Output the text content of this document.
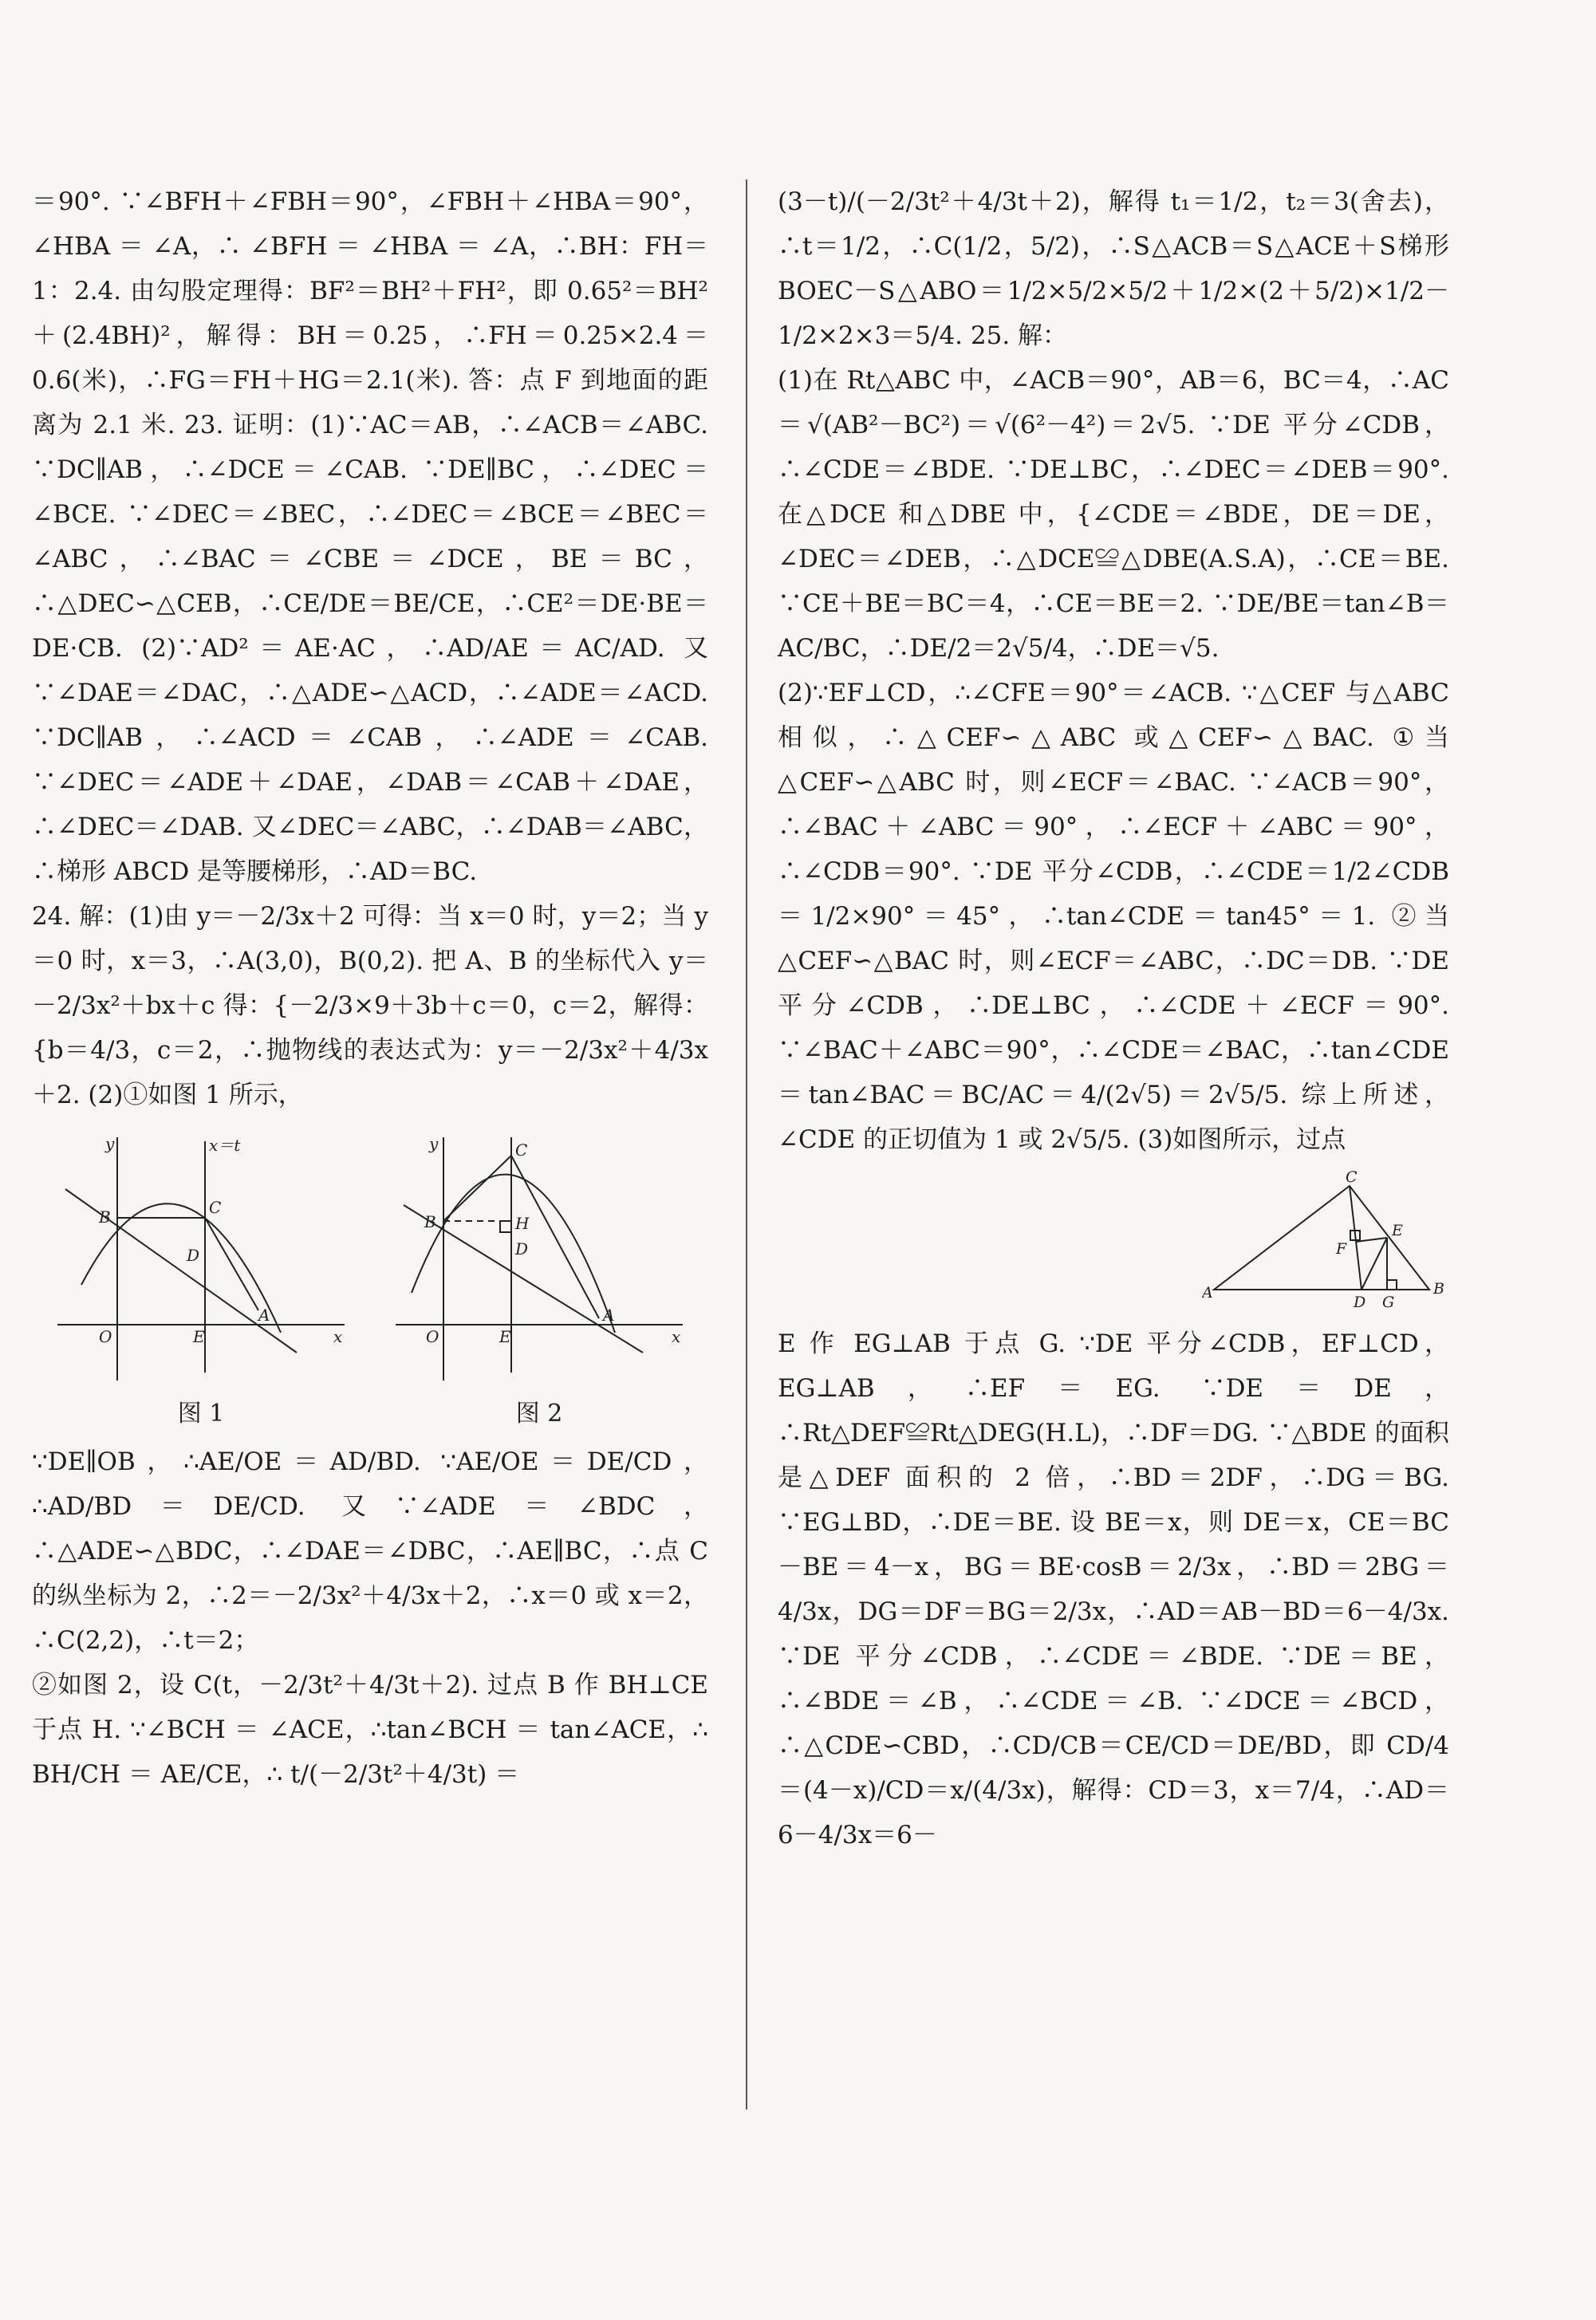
＝90°. ∵∠BFH＋∠FBH＝90°，∠FBH＋∠HBA＝90°，∠HBA ＝ ∠A，∴ ∠BFH ＝ ∠HBA ＝ ∠A，∴BH：FH＝1：2.4. 由勾股定理得：BF²＝BH²＋FH²，即 0.65²＝BH²＋(2.4BH)²，解得：BH＝0.25，∴FH＝0.25×2.4＝0.6(米)，∴FG＝FH＋HG＝2.1(米). 答：点 F 到地面的距离为 2.1 米. 23. 证明：(1)∵AC＝AB，∴∠ACB＝∠ABC. ∵DC∥AB，∴∠DCE＝∠CAB. ∵DE∥BC，∴∠DEC＝∠BCE. ∵∠DEC＝∠BEC，∴∠DEC＝∠BCE＝∠BEC＝∠ABC，∴∠BAC＝∠CBE＝∠DCE，BE＝BC，∴△DEC∽△CEB，∴CE/DE＝BE/CE，∴CE²＝DE·BE＝DE·CB. (2)∵AD²＝AE·AC，∴AD/AE＝AC/AD. 又∵∠DAE＝∠DAC，∴△ADE∽△ACD，∴∠ADE＝∠ACD. ∵DC∥AB，∴∠ACD＝∠CAB，∴∠ADE＝∠CAB. ∵∠DEC＝∠ADE＋∠DAE，∠DAB＝∠CAB＋∠DAE，∴∠DEC＝∠DAB. 又∠DEC＝∠ABC，∴∠DAB＝∠ABC，∴梯形 ABCD 是等腰梯形，∴AD＝BC.

24. 解：(1)由 y＝－2/3x＋2 可得：当 x＝0 时，y＝2；当 y＝0 时，x＝3，∴A(3,0)，B(0,2). 把 A、B 的坐标代入 y＝－2/3x²＋bx＋c 得：{－2/3×9＋3b＋c＝0，c＝2，解得：{b＝4/3，c＝2，∴抛物线的表达式为：y＝－2/3x²＋4/3x＋2. (2)①如图 1 所示，

y	x＝t
B	C
D
O	E
A
x
图 1
y	C
B	H
D
O	E
A
x
图 2

∵DE∥OB，∴AE/OE＝AD/BD. ∵AE/OE＝DE/CD，∴AD/BD＝DE/CD. 又∵∠ADE＝∠BDC，∴△ADE∽△BDC，∴∠DAE＝∠DBC，∴AE∥BC，∴点 C 的纵坐标为 2，∴2＝－2/3x²＋4/3x＋2，∴x＝0 或 x＝2，∴C(2,2)，∴t＝2；

②如图 2，设 C(t，－2/3t²＋4/3t＋2). 过点 B 作 BH⊥CE 于点 H. ∵∠BCH ＝ ∠ACE，∴tan∠BCH ＝ tan∠ACE，∴ BH/CH ＝ AE/CE，∴ t/(－2/3t²＋4/3t) ＝

(3－t)/(－2/3t²＋4/3t＋2)，解得 t₁＝1/2，t₂＝3(舍去)，∴t＝1/2，∴C(1/2，5/2)，∴S△ACB＝S△ACE＋S梯形BOEC－S△ABO＝1/2×5/2×5/2＋1/2×(2＋5/2)×1/2－1/2×2×3＝5/4. 25. 解：

(1)在 Rt△ABC 中，∠ACB＝90°，AB＝6，BC＝4，∴AC＝√(AB²－BC²)＝√(6²－4²)＝2√5. ∵DE 平分∠CDB，∴∠CDE＝∠BDE. ∵DE⊥BC，∴∠DEC＝∠DEB＝90°. 在△DCE 和△DBE 中，{∠CDE＝∠BDE，DE＝DE，∠DEC＝∠DEB，∴△DCE≌△DBE(A.S.A)，∴CE＝BE. ∵CE＋BE＝BC＝4，∴CE＝BE＝2. ∵DE/BE＝tan∠B＝AC/BC，∴DE/2＝2√5/4，∴DE＝√5.

(2)∵EF⊥CD，∴∠CFE＝90°＝∠ACB. ∵△CEF 与△ABC 相似，∴△CEF∽△ABC 或△CEF∽△BAC. ①当△CEF∽△ABC 时，则∠ECF＝∠BAC. ∵∠ACB＝90°，∴∠BAC＋∠ABC＝90°，∴∠ECF＋∠ABC＝90°，∴∠CDB＝90°. ∵DE 平分∠CDB，∴∠CDE＝1/2∠CDB＝1/2×90°＝45°，∴tan∠CDE＝tan45°＝1. ②当△CEF∽△BAC 时，则∠ECF＝∠ABC，∴DC＝DB. ∵DE 平分∠CDB，∴DE⊥BC，∴∠CDE＋∠ECF＝90°. ∵∠BAC＋∠ABC＝90°，∴∠CDE＝∠BAC，∴tan∠CDE＝tan∠BAC＝BC/AC＝4/(2√5)＝2√5/5. 综上所述，∠CDE 的正切值为 1 或 2√5/5. (3)如图所示，过点

C
E
F
A
D G
B

E 作 EG⊥AB 于点 G. ∵DE 平分∠CDB，EF⊥CD，EG⊥AB，∴EF＝EG. ∵DE＝DE，∴Rt△DEF≌Rt△DEG(H.L)，∴DF＝DG. ∵△BDE 的面积是△DEF 面积的 2 倍，∴BD＝2DF，∴DG＝BG. ∵EG⊥BD，∴DE＝BE. 设 BE＝x，则 DE＝x，CE＝BC－BE＝4－x，BG＝BE·cosB＝2/3x，∴BD＝2BG＝4/3x，DG＝DF＝BG＝2/3x，∴AD＝AB－BD＝6－4/3x. ∵DE 平分∠CDB，∴∠CDE＝∠BDE. ∵DE＝BE，∴∠BDE＝∠B，∴∠CDE＝∠B. ∵∠DCE＝∠BCD，∴△CDE∽CBD，∴CD/CB＝CE/CD＝DE/BD，即 CD/4＝(4－x)/CD＝x/(4/3x)，解得：CD＝3，x＝7/4，∴AD＝6－4/3x＝6－
